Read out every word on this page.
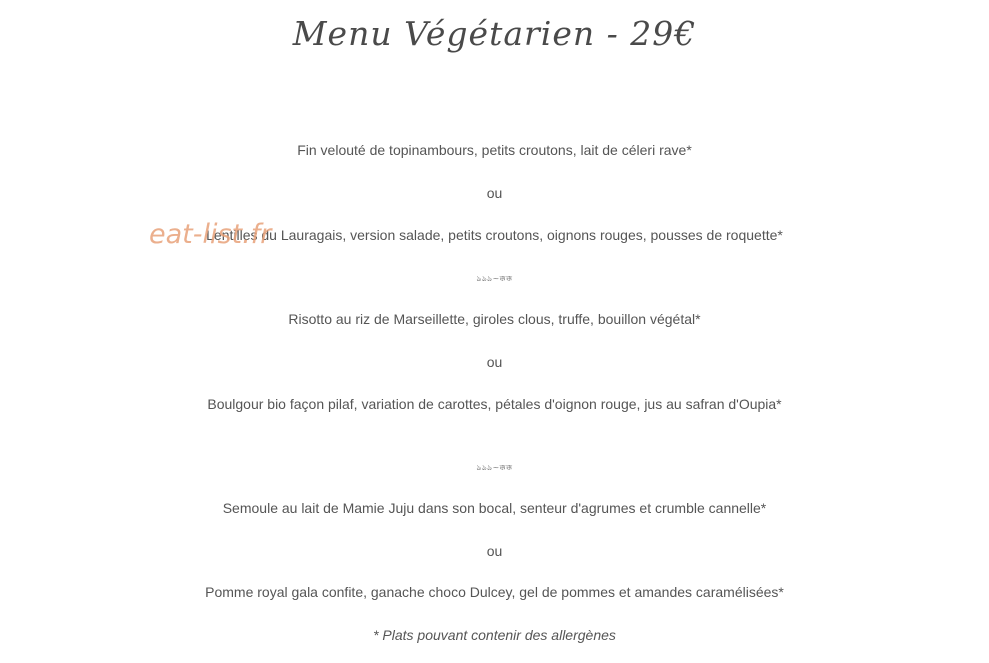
Menu Végétarien - 29€
Fin velouté de topinambours, petits croutons, lait de céleri rave*
ou
Lentilles du Lauragais, version salade, petits croutons, oignons rouges, pousses de roquette*
ঌঌঌ~ক্কক্ক
Risotto au riz de Marseillette, giroles clous, truffe, bouillon végétal*
ou
Boulgour bio façon pilaf, variation de carottes, pétales d'oignon rouge, jus au safran d'Oupia*
ঌঌঌ~ক্কক্ক
Semoule au lait de Mamie Juju dans son bocal, senteur d'agrumes et crumble cannelle*
ou
Pomme royal gala confite, ganache choco Dulcey, gel de pommes et amandes caramélisées*
* Plats pouvant contenir des allergènes
eat-list.fr
